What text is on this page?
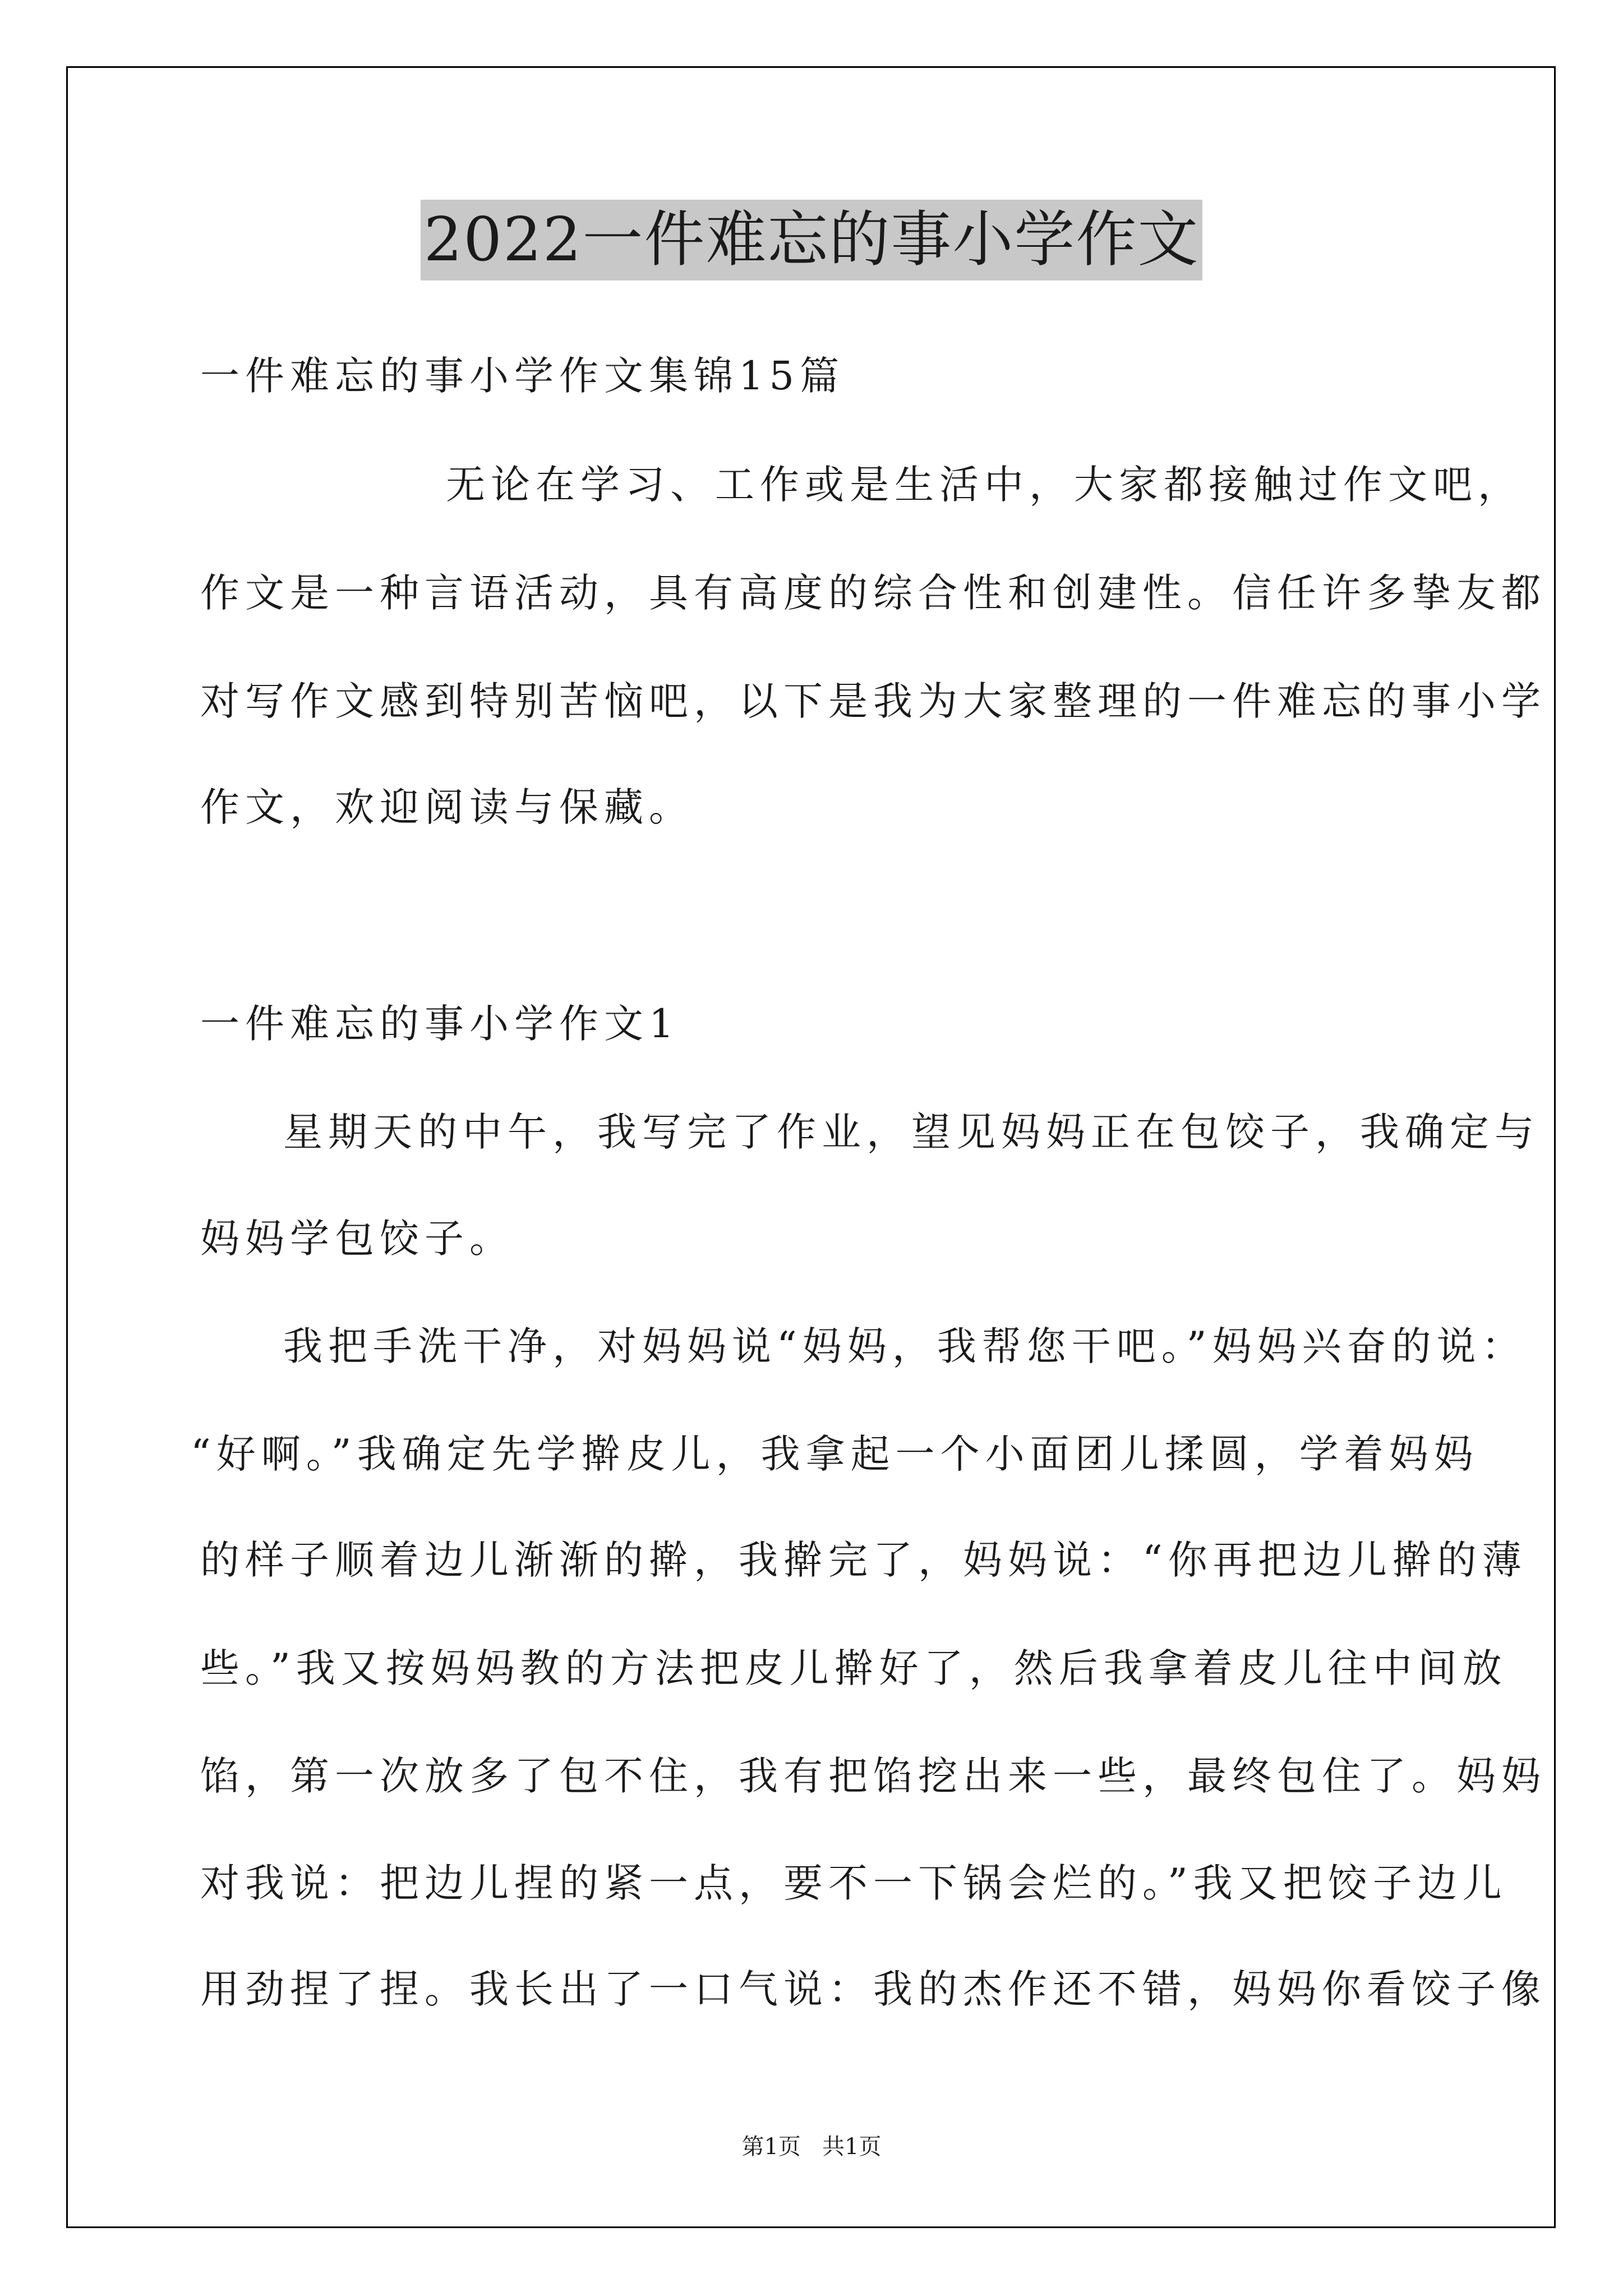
2022一件难忘的事小学作文
一件难忘的事小学作文集锦15篇
无论在学习、工作或是生活中，大家都接触过作文吧，
作文是一种言语活动，具有高度的综合性和创建性。信任许多挚友都
对写作文感到特别苦恼吧，以下是我为大家整理的一件难忘的事小学
作文，欢迎阅读与保藏。
一件难忘的事小学作文1
星期天的中午，我写完了作业，望见妈妈正在包饺子，我确定与
妈妈学包饺子。
我把手洗干净，对妈妈说“妈妈，我帮您干吧。”妈妈兴奋的说：
“好啊。”我确定先学擀皮儿，我拿起一个小面团儿揉圆，学着妈妈
的样子顺着边儿渐渐的擀，我擀完了，妈妈说：“你再把边儿擀的薄
些。”我又按妈妈教的方法把皮儿擀好了，然后我拿着皮儿往中间放
馅，第一次放多了包不住，我有把馅挖出来一些，最终包住了。妈妈
对我说：把边儿捏的紧一点，要不一下锅会烂的。”我又把饺子边儿
用劲捏了捏。我长出了一口气说：我的杰作还不错，妈妈你看饺子像
第1页   共1页
